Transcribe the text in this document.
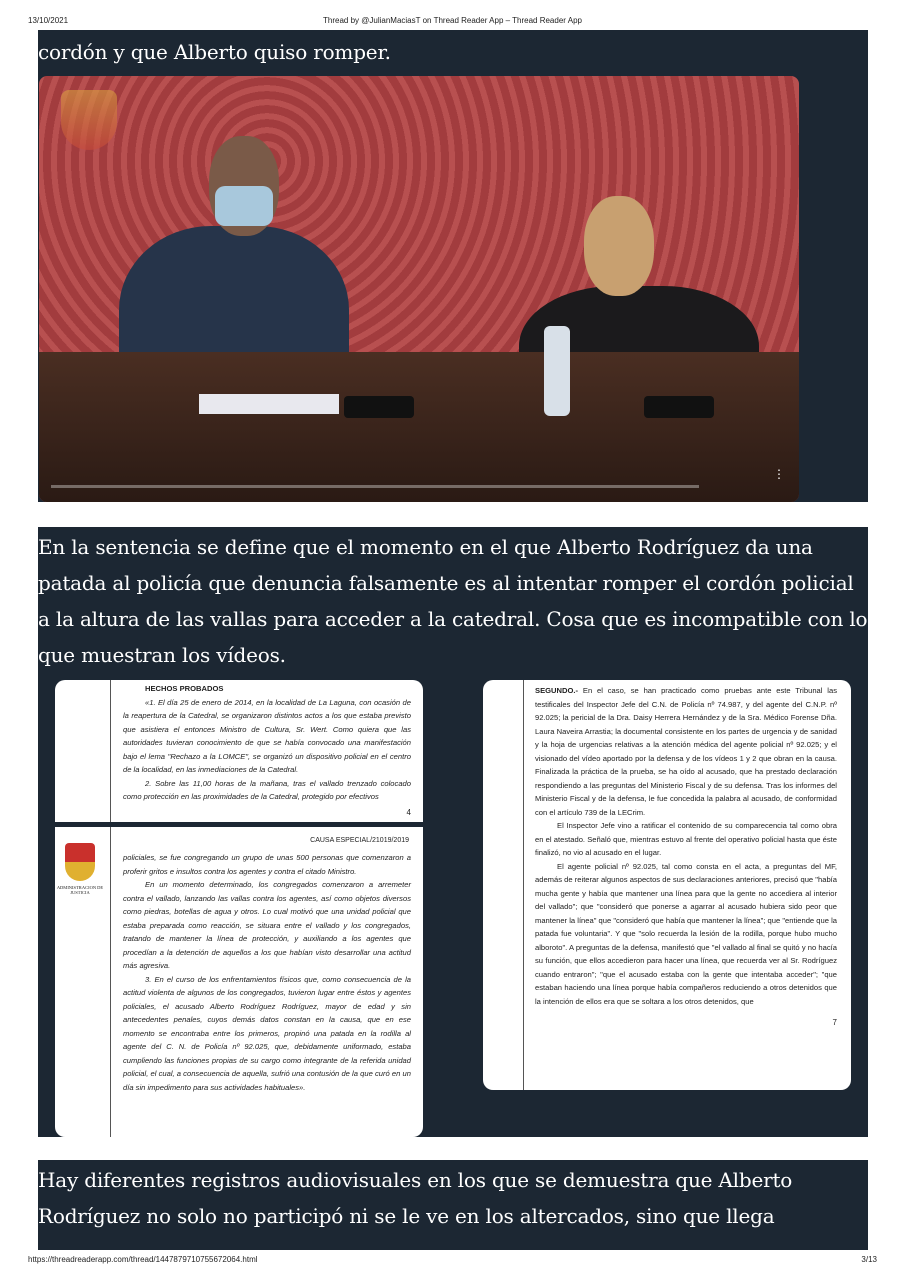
13/10/2021	Thread by @JulianMaciasT on Thread Reader App – Thread Reader App

cordón y que Alberto quiso romper.

⋮

En la sentencia se define que el momento en el que Alberto Rodríguez da una patada al policía que denuncia falsamente es al intentar romper el cordón policial a la altura de las vallas para acceder a la catedral. Cosa que es incompatible con lo que muestran los vídeos.

HECHOS PROBADOS

«1. El día 25 de enero de 2014, en la localidad de La Laguna, con ocasión de la reapertura de la Catedral, se organizaron distintos actos a los que estaba previsto que asistiera el entonces Ministro de Cultura, Sr. Wert. Como quiera que las autoridades tuvieran conocimiento de que se había convocado una manifestación bajo el lema "Rechazo a la LOMCE", se organizó un dispositivo policial en el centro de la localidad, en las inmediaciones de la Catedral.

2. Sobre las 11,00 horas de la mañana, tras el vallado trenzado colocado como protección en las proximidades de la Catedral, protegido por efectivos

4
ADMINISTRACION DE JUSTICIA
CAUSA ESPECIAL/21019/2019

policiales, se fue congregando un grupo de unas 500 personas que comenzaron a proferir gritos e insultos contra los agentes y contra el citado Ministro.

En un momento determinado, los congregados comenzaron a arremeter contra el vallado, lanzando las vallas contra los agentes, así como objetos diversos como piedras, botellas de agua y otros. Lo cual motivó que una unidad policial que estaba preparada como reacción, se situara entre el vallado y los congregados, tratando de mantener la línea de protección, y auxiliando a los agentes que procedían a la detención de aquellos a los que habían visto desarrollar una actitud más agresiva.

3. En el curso de los enfrentamientos físicos que, como consecuencia de la actitud violenta de algunos de los congregados, tuvieron lugar entre éstos y agentes policiales, el acusado Alberto Rodríguez Rodríguez, mayor de edad y sin antecedentes penales, cuyos demás datos constan en la causa, que en ese momento se encontraba entre los primeros, propinó una patada en la rodilla al agente del C. N. de Policía nº 92.025, que, debidamente uniformado, estaba cumpliendo las funciones propias de su cargo como integrante de la referida unidad policial, el cual, a consecuencia de aquella, sufrió una contusión de la que curó en un día sin impedimento para sus actividades habituales».

SEGUNDO.- En el caso, se han practicado como pruebas ante este Tribunal las testificales del Inspector Jefe del C.N. de Policía nº 74.987, y del agente del C.N.P. nº 92.025; la pericial de la Dra. Daisy Herrera Hernández y de la Sra. Médico Forense Dña. Laura Naveira Arrastia; la documental consistente en los partes de urgencia y de sanidad y la hoja de urgencias relativas a la atención médica del agente policial nº 92.025; y el visionado del vídeo aportado por la defensa y de los vídeos 1 y 2 que obran en la causa. Finalizada la práctica de la prueba, se ha oído al acusado, que ha prestado declaración respondiendo a las preguntas del Ministerio Fiscal y de su defensa. Tras los informes del Ministerio Fiscal y de la defensa, le fue concedida la palabra al acusado, de conformidad con el artículo 739 de la LECrim.

El Inspector Jefe vino a ratificar el contenido de su comparecencia tal como obra en el atestado. Señaló que, mientras estuvo al frente del operativo policial hasta que éste finalizó, no vio al acusado en el lugar.

El agente policial nº 92.025, tal como consta en el acta, a preguntas del MF, además de reiterar algunos aspectos de sus declaraciones anteriores, precisó que "había mucha gente y había que mantener una línea para que la gente no accediera al interior del vallado"; que "consideró que ponerse a agarrar al acusado hubiera sido peor que mantener la línea" que "consideró que había que mantener la línea"; que "entiende que la patada fue voluntaria". Y que "solo recuerda la lesión de la rodilla, porque hubo mucho alboroto". A preguntas de la defensa, manifestó que "el vallado al final se quitó y no hacía su función, que ellos accedieron para hacer una línea, que recuerda ver al Sr. Rodríguez cuando entraron"; "que el acusado estaba con la gente que intentaba acceder"; "que estaban haciendo una línea porque había compañeros reduciendo a otros detenidos que la intención de ellos era que se soltara a los otros detenidos, que

7

Hay diferentes registros audiovisuales en los que se demuestra que Alberto Rodríguez no solo no participó ni se le ve en los altercados, sino que llega

https://threadreaderapp.com/thread/1447879710755672064.html	3/13
